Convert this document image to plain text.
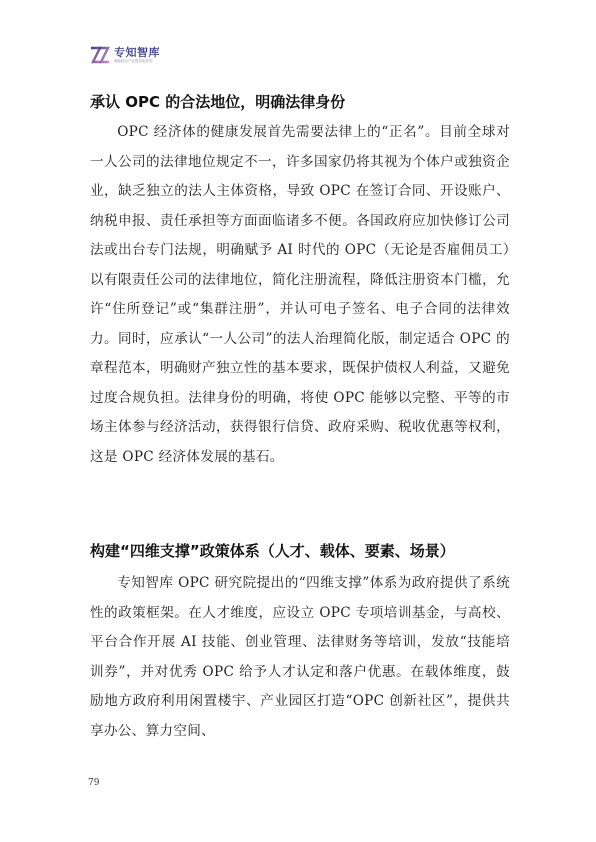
专知智库
赋能政企产业数智化转型
承认 OPC 的合法地位，明确法律身份

OPC 经济体的健康发展首先需要法律上的“正名”。目前全球对一人公司的法律地位规定不一，许多国家仍将其视为个体户或独资企业，缺乏独立的法人主体资格，导致 OPC 在签订合同、开设账户、纳税申报、责任承担等方面面临诸多不便。各国政府应加快修订公司法或出台专门法规，明确赋予 AI 时代的 OPC（无论是否雇佣员工）以有限责任公司的法律地位，简化注册流程，降低注册资本门槛，允许“住所登记”或“集群注册”，并认可电子签名、电子合同的法律效力。同时，应承认“一人公司”的法人治理简化版，制定适合 OPC 的章程范本，明确财产独立性的基本要求，既保护债权人利益，又避免过度合规负担。法律身份的明确，将使 OPC 能够以完整、平等的市场主体参与经济活动，获得银行信贷、政府采购、税收优惠等权利，这是 OPC 经济体发展的基石。

构建“四维支撑”政策体系（人才、载体、要素、场景）

专知智库 OPC 研究院提出的“四维支撑”体系为政府提供了系统性的政策框架。在人才维度，应设立 OPC 专项培训基金，与高校、平台合作开展 AI 技能、创业管理、法律财务等培训，发放“技能培训券”，并对优秀 OPC 给予人才认定和落户优惠。在载体维度，鼓励地方政府利用闲置楼宇、产业园区打造“OPC 创新社区”，提供共享办公、算力空间、

79
